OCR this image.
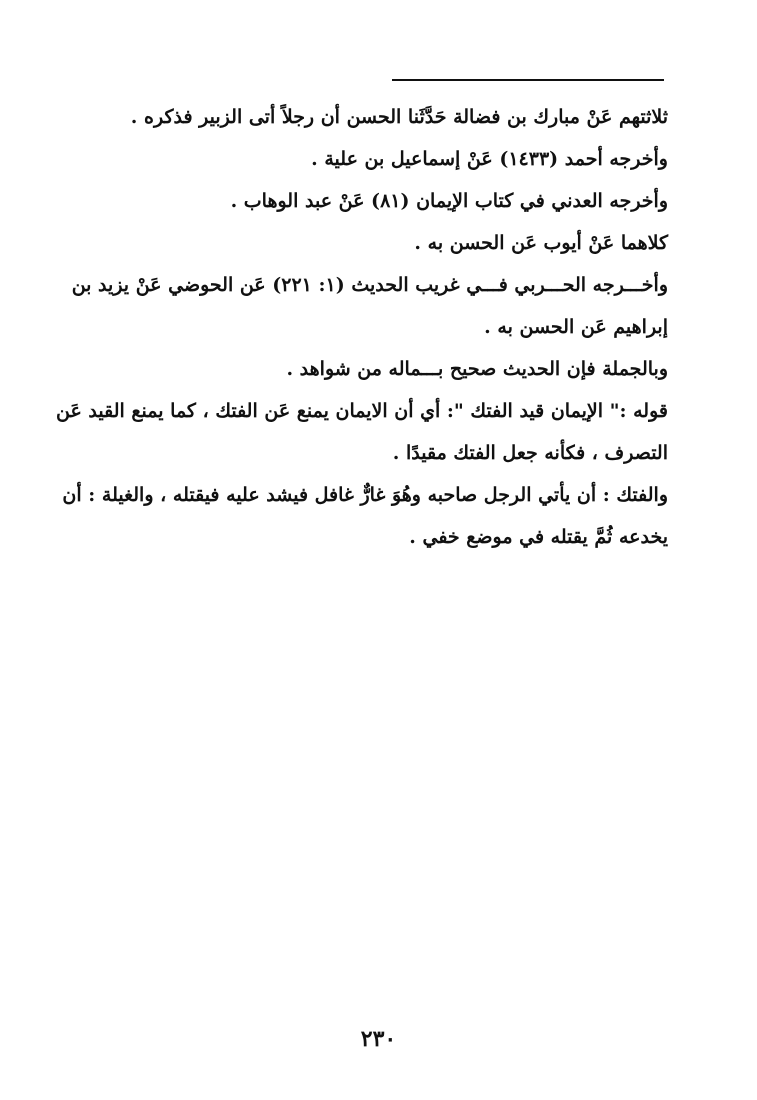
ثلاثتهم عَنْ مبارك بن فضالة حَدَّثَنا الحسن أن رجلاً أتى الزبير فذكره .
وأخرجه أحمد (١٤٣٣) عَنْ إسماعيل بن علية .
وأخرجه العدني في كتاب الإيمان (٨١) عَنْ عبد الوهاب .
كلاهما عَنْ أيوب عَن الحسن به .
وأخـــرجه الحـــربي فـــي غريب الحديث (١: ٢٢١) عَن الحوضي عَنْ يزيد بن
إبراهيم عَن الحسن به .
وبالجملة فإن الحديث صحيح بـــماله من شواهد .
قوله :" الإيمان قيد الفتك ": أي أن الايمان يمنع عَن الفتك ، كما يمنع القيد عَن
التصرف ، فكأنه جعل الفتك مقيدًا .
والفتك : أن يأتي الرجل صاحبه وهُوَ غارٌّ غافل فيشد عليه فيقتله ، والغيلة : أن
يخدعه ثُمَّ يقتله في موضع خفي .
٢٣٠
